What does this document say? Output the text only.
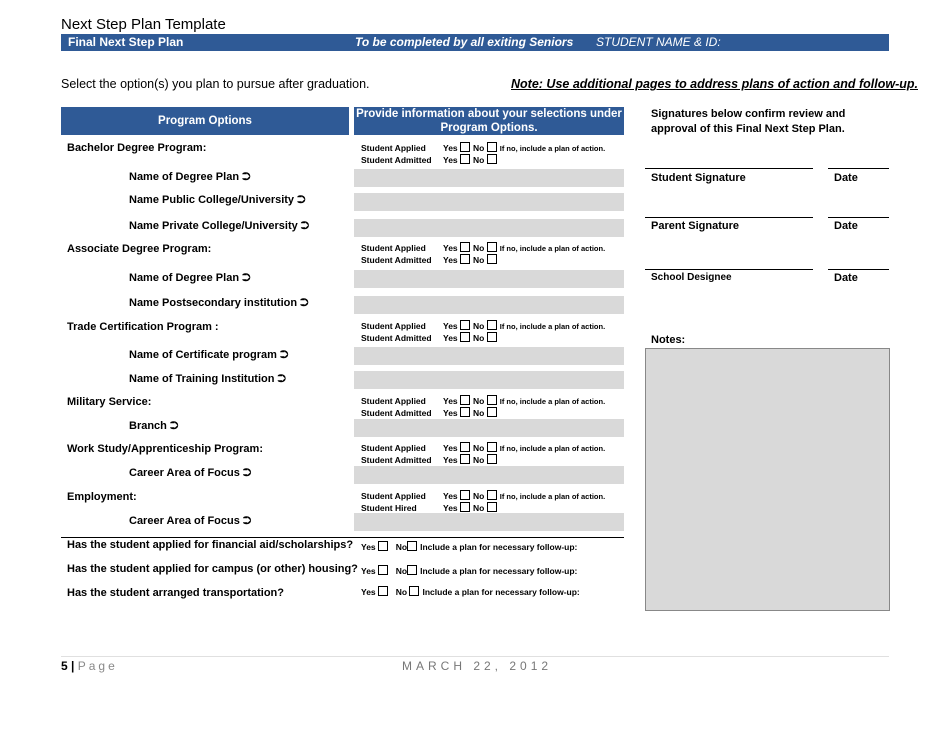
Next Step Plan Template
Final Next Step Plan	To be completed by all exiting Seniors STUDENT NAME & ID:
Select the option(s) you plan to pursue after graduation.	Note: Use additional pages to address plans of action and follow-up.
Program Options
Provide information about your selections under
Program Options.
Bachelor Degree Program:	Student Applied Yes No If no, include a plan of action.
Student Admitted Yes No
Name of Degree Plan ⮊
Name Public College/University ⮊
Name Private College/University ⮊
Associate Degree Program:	Student Applied Yes No If no, include a plan of action.
Student Admitted Yes No
Name of Degree Plan ⮊
Name Postsecondary institution ⮊
Trade Certification Program :	Student Applied Yes No If no, include a plan of action.
Student Admitted Yes No
Name of Certificate program ⮊
Name of Training Institution ⮊
Military Service:	Student Applied Yes No If no, include a plan of action.
Student Admitted Yes No
Branch ⮊
Work Study/Apprenticeship Program:	Student Applied Yes No If no, include a plan of action.
Student Admitted Yes No
Career Area of Focus ⮊
Employment:	Student Applied Yes No If no, include a plan of action.
Student Hired	Yes No
Career Area of Focus ⮊
Has the student applied for financial aid/scholarships? Yes No Include a plan for necessary follow-up:
Has the student applied for campus (or other) housing? Yes No Include a plan for necessary follow-up:
Has the student arranged transportation?	Yes No Include a plan for necessary follow-up:
Signatures below confirm review and
approval of this Final Next Step Plan.
Student Signature	Date
Parent Signature	Date
School Designee	Date
Notes:
5 | Page	MARCH 22, 2012
